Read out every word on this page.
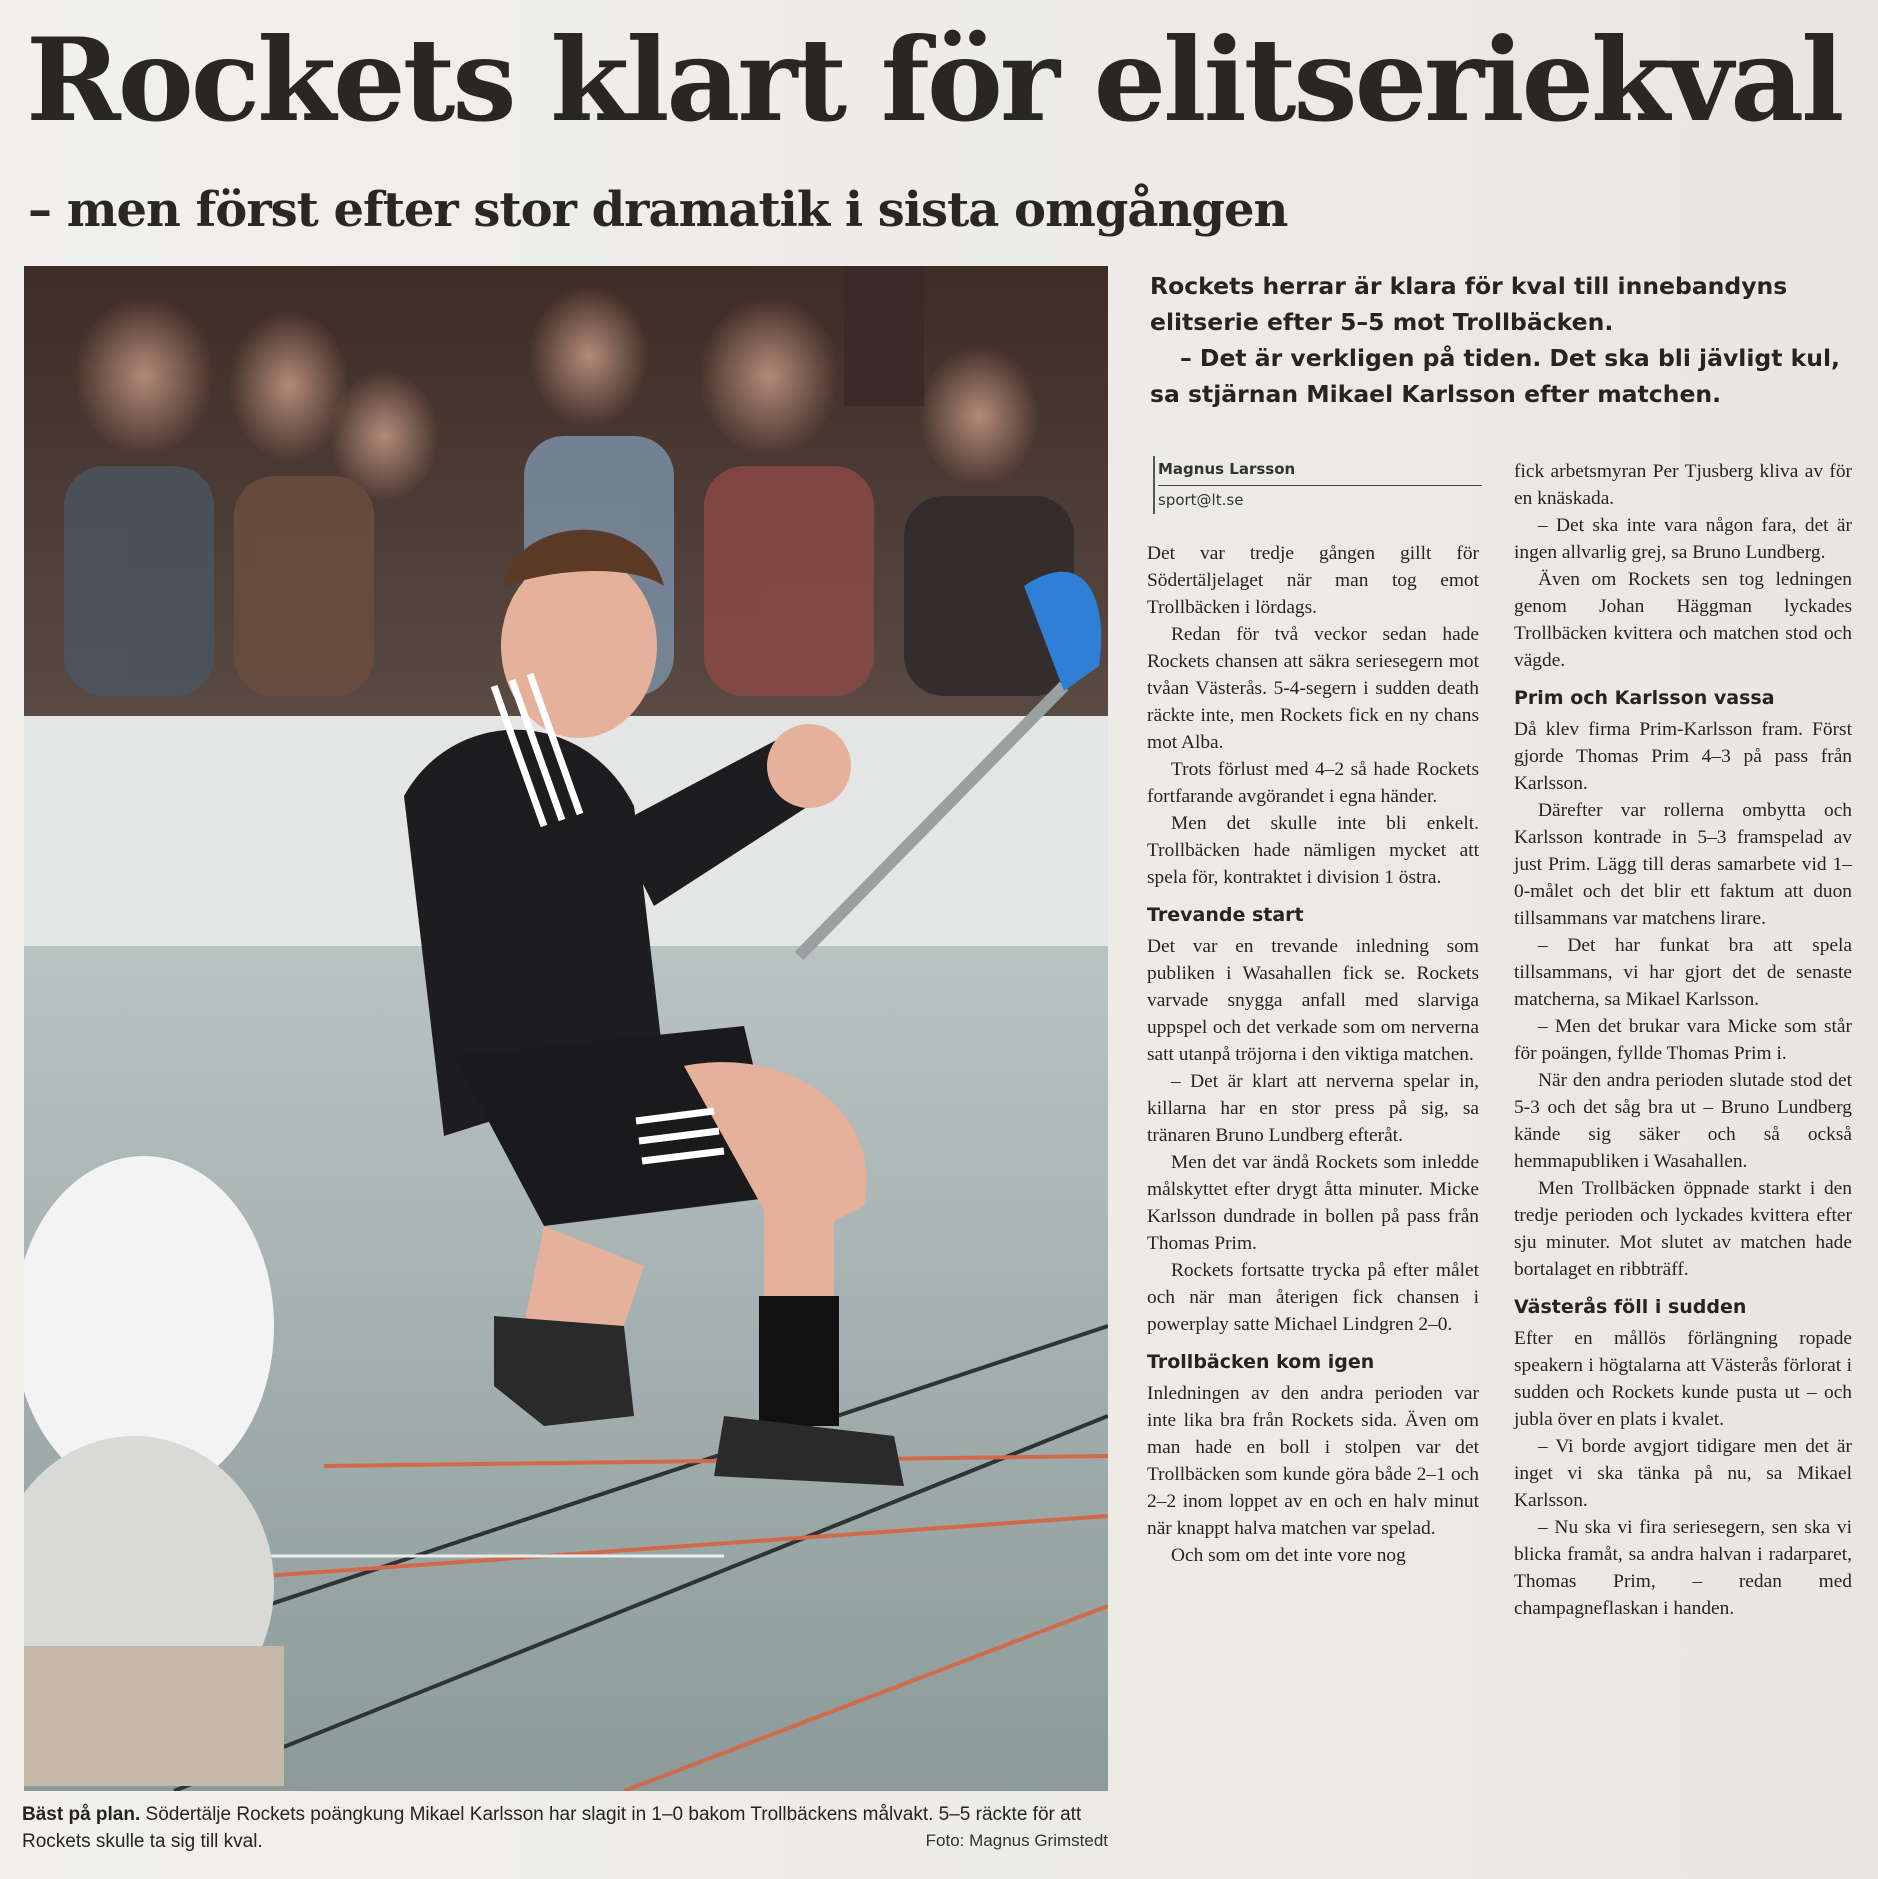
Rockets klart för elitseriekval
– men först efter stor dramatik i sista omgången
Bäst på plan. Södertälje Rockets poängkung Mikael Karlsson har slagit in 1–0 bakom Trollbäckens målvakt. 5–5 räckte för att Rockets skulle ta sig till kval.	Foto: Magnus Grimstedt

Rockets herrar är klara för kval till innebandyns elitserie efter 5–5 mot Trollbäcken.

– Det är verkligen på tiden. Det ska bli jävligt kul, sa stjärnan Mikael Karlsson efter matchen.

Magnus Larsson
sport@lt.se

Det var tredje gången gillt för Södertäljelaget när man tog emot Trollbäcken i lördags.

Redan för två veckor sedan hade Rockets chansen att säkra seriesegern mot tvåan Västerås. 5-4-segern i sudden death räckte inte, men Rockets fick en ny chans mot Alba.

Trots förlust med 4–2 så hade Rockets fortfarande avgörandet i egna händer.

Men det skulle inte bli enkelt. Trollbäcken hade nämligen mycket att spela för, kontraktet i division 1 östra.

Trevande start

Det var en trevande inledning som publiken i Wasahallen fick se. Rockets varvade snygga anfall med slarviga uppspel och det verkade som om nerverna satt utanpå tröjorna i den viktiga matchen.

– Det är klart att nerverna spelar in, killarna har en stor press på sig, sa tränaren Bruno Lundberg efteråt.

Men det var ändå Rockets som inledde målskyttet efter drygt åtta minuter. Micke Karlsson dundrade in bollen på pass från Thomas Prim.

Rockets fortsatte trycka på efter målet och när man återigen fick chansen i powerplay satte Michael Lindgren 2–0.

Trollbäcken kom igen

Inledningen av den andra perioden var inte lika bra från Rockets sida. Även om man hade en boll i stolpen var det Trollbäcken som kunde göra både 2–1 och 2–2 inom loppet av en och en halv minut när knappt halva matchen var spelad.

Och som om det inte vore nog

fick arbetsmyran Per Tjusberg kliva av för en knäskada.

– Det ska inte vara någon fara, det är ingen allvarlig grej, sa Bruno Lundberg.

Även om Rockets sen tog ledningen genom Johan Häggman lyckades Trollbäcken kvittera och matchen stod och vägde.

Prim och Karlsson vassa

Då klev firma Prim-Karlsson fram. Först gjorde Thomas Prim 4–3 på pass från Karlsson.

Därefter var rollerna ombytta och Karlsson kontrade in 5–3 framspelad av just Prim. Lägg till deras samarbete vid 1–0-målet och det blir ett faktum att duon tillsammans var matchens lirare.

– Det har funkat bra att spela tillsammans, vi har gjort det de senaste matcherna, sa Mikael Karlsson.

– Men det brukar vara Micke som står för poängen, fyllde Thomas Prim i.

När den andra perioden slutade stod det 5-3 och det såg bra ut – Bruno Lundberg kände sig säker och så också hemmapubliken i Wasahallen.

Men Trollbäcken öppnade starkt i den tredje perioden och lyckades kvittera efter sju minuter. Mot slutet av matchen hade bortalaget en ribbträff.

Västerås föll i sudden

Efter en mållös förlängning ropade speakern i högtalarna att Västerås förlorat i sudden och Rockets kunde pusta ut – och jubla över en plats i kvalet.

– Vi borde avgjort tidigare men det är inget vi ska tänka på nu, sa Mikael Karlsson.

– Nu ska vi fira seriesegern, sen ska vi blicka framåt, sa andra halvan i radarparet, Thomas Prim, – redan med champagneflaskan i handen.
